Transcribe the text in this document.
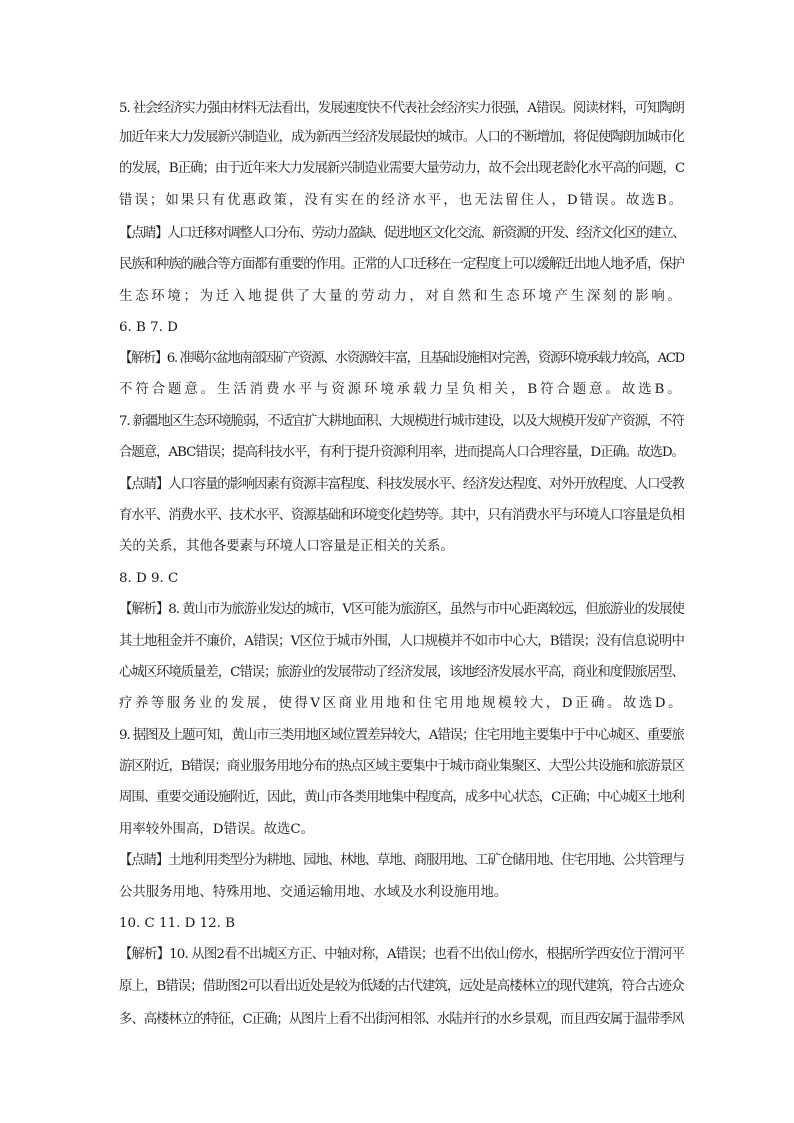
5. 社会经济实力强由材料无法看出，发展速度快不代表社会经济实力很强，A错误。阅读材料，可知陶朗
加近年来大力发展新兴制造业，成为新西兰经济发展最快的城市。人口的不断增加，将促使陶朗加城市化
的发展，B正确；由于近年来大力发展新兴制造业需要大量劳动力，故不会出现老龄化水平高的问题，C
错误；如果只有优惠政策，没有实在的经济水平，也无法留住人，D错误。故选B。
【点睛】人口迁移对调整人口分布、劳动力盈缺、促进地区文化交流、新资源的开发、经济文化区的建立、
民族和种族的融合等方面都有重要的作用。正常的人口迁移在一定程度上可以缓解迁出地人地矛盾，保护
生态环境；为迁入地提供了大量的劳动力，对自然和生态环境产生深刻的影响。
6. B 7. D
【解析】6. 准噶尔盆地南部因矿产资源、水资源较丰富，且基础设施相对完善，资源环境承载力较高，ACD
不符合题意。生活消费水平与资源环境承载力呈负相关，B符合题意。故选B。
7. 新疆地区生态环境脆弱，不适宜扩大耕地面积、大规模进行城市建设，以及大规模开发矿产资源，不符
合题意，ABC错误；提高科技水平，有利于提升资源利用率，进而提高人口合理容量，D正确。故选D。
【点睛】人口容量的影响因素有资源丰富程度、科技发展水平、经济发达程度、对外开放程度、人口受教
育水平、消费水平、技术水平、资源基础和环境变化趋势等。其中，只有消费水平与环境人口容量是负相
关的关系，其他各要素与环境人口容量是正相关的关系。
8. D 9. C
【解析】8. 黄山市为旅游业发达的城市，V区可能为旅游区，虽然与市中心距离较远，但旅游业的发展使
其土地租金并不廉价，A错误；V区位于城市外围，人口规模并不如市中心大，B错误；没有信息说明中
心城区环境质量差，C错误；旅游业的发展带动了经济发展，该地经济发展水平高，商业和度假旅居型、
疗养等服务业的发展，使得V区商业用地和住宅用地规模较大，D正确。故选D。
9. 据图及上题可知，黄山市三类用地区域位置差异较大，A错误；住宅用地主要集中于中心城区、重要旅
游区附近，B错误；商业服务用地分布的热点区域主要集中于城市商业集聚区、大型公共设施和旅游景区
周围、重要交通设施附近，因此，黄山市各类用地集中程度高，成多中心状态，C正确；中心城区土地利
用率较外围高，D错误。故选C。
【点睛】土地利用类型分为耕地、园地、林地、草地、商服用地、工矿仓储用地、住宅用地、公共管理与
公共服务用地、特殊用地、交通运输用地、水域及水利设施用地。
10. C 11. D 12. B
【解析】10. 从图2看不出城区方正、中轴对称，A错误；也看不出依山傍水，根据所学西安位于渭河平
原上，B错误；借助图2可以看出近处是较为低矮的古代建筑，远处是高楼林立的现代建筑，符合古迹众
多、高楼林立的特征，C正确；从图片上看不出街河相邻、水陆并行的水乡景观，而且西安属于温带季风
